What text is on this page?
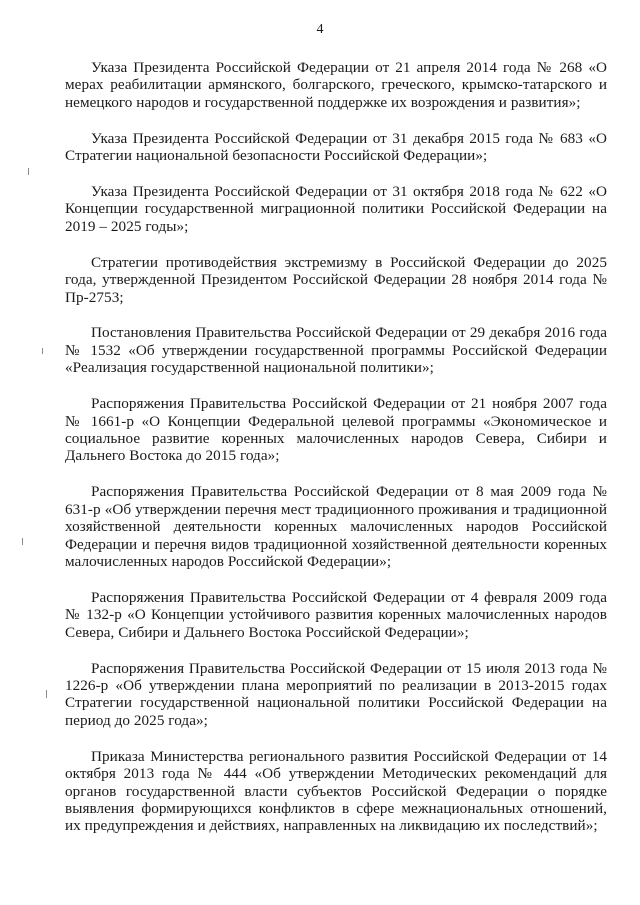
4

Указа Президента Российской Федерации от 21 апреля 2014 года № 268 «О мерах реабилитации армянского, болгарского, греческого, крымско-татарского и немецкого народов и государственной поддержке их возрождения и развития»;

Указа Президента Российской Федерации от 31 декабря 2015 года № 683 «О Стратегии национальной безопасности Российской Федерации»;

Указа Президента Российской Федерации от 31 октября 2018 года № 622 «О Концепции государственной миграционной политики Российской Федерации на 2019 – 2025 годы»;

Стратегии противодействия экстремизму в Российской Федерации до 2025 года, утвержденной Президентом Российской Федерации 28 ноября 2014 года № Пр-2753;

Постановления Правительства Российской Федерации от 29 декабря 2016 года № 1532 «Об утверждении государственной программы Российской Федерации «Реализация государственной национальной политики»;

Распоряжения Правительства Российской Федерации от 21 ноября 2007 года № 1661-р «О Концепции Федеральной целевой программы «Экономическое и социальное развитие коренных малочисленных народов Севера, Сибири и Дальнего Востока до 2015 года»;

Распоряжения Правительства Российской Федерации от 8 мая 2009 года № 631-р «Об утверждении перечня мест традиционного проживания и традиционной хозяйственной деятельности коренных малочисленных народов Российской Федерации и перечня видов традиционной хозяйственной деятельности коренных малочисленных народов Российской Федерации»;

Распоряжения Правительства Российской Федерации от 4 февраля 2009 года № 132-р «О Концепции устойчивого развития коренных малочисленных народов Севера, Сибири и Дальнего Востока Российской Федерации»;

Распоряжения Правительства Российской Федерации от 15 июля 2013 года № 1226-р «Об утверждении плана мероприятий по реализации в 2013-2015 годах Стратегии государственной национальной политики Российской Федерации на период до 2025 года»;

Приказа Министерства регионального развития Российской Федерации от 14 октября 2013 года № 444 «Об утверждении Методических рекомендаций для органов государственной власти субъектов Российской Федерации о порядке выявления формирующихся конфликтов в сфере межнациональных отношений, их предупреждения и действиях, направленных на ликвидацию их последствий»;
